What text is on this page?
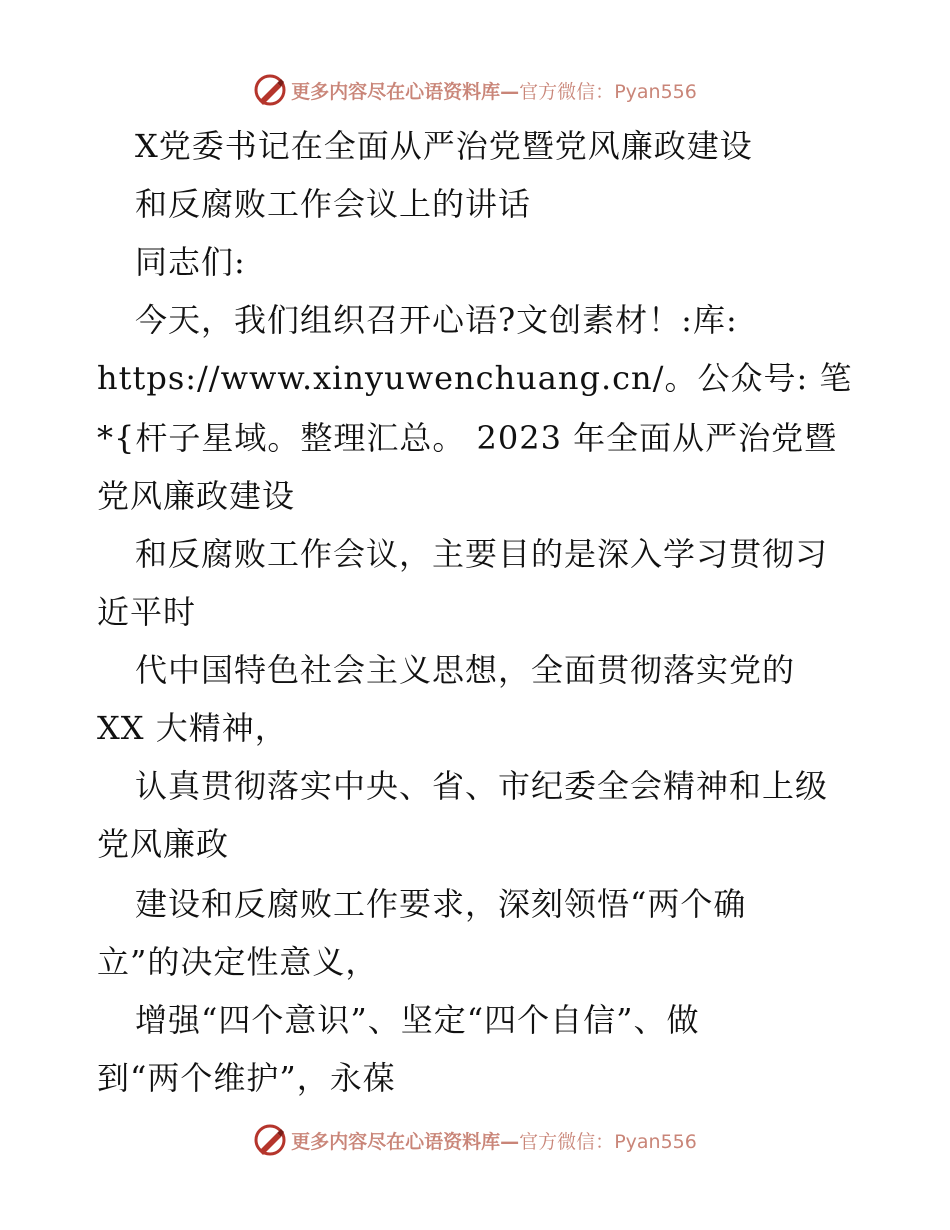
更多内容尽在心语资料库—官方微信：Pyan556
X党委书记在全面从严治党暨党风廉政建设
和反腐败工作会议上的讲话
同志们:
今天，我们组织召开心语?文创素材！:库:
https://www.xinyuwenchuang.cn/。公众号: 笔
*{杆子星域。整理汇总。 2023 年全面从严治党暨
党风廉政建设
和反腐败工作会议，主要目的是深入学习贯彻习
近平时
代中国特色社会主义思想，全面贯彻落实党的
XX 大精神，
认真贯彻落实中央、省、市纪委全会精神和上级
党风廉政
建设和反腐败工作要求，深刻领悟“两个确
立”的决定性意义，
增强“四个意识”、坚定“四个自信”、做
到“两个维护”，永葆
更多内容尽在心语资料库—官方微信：Pyan556
